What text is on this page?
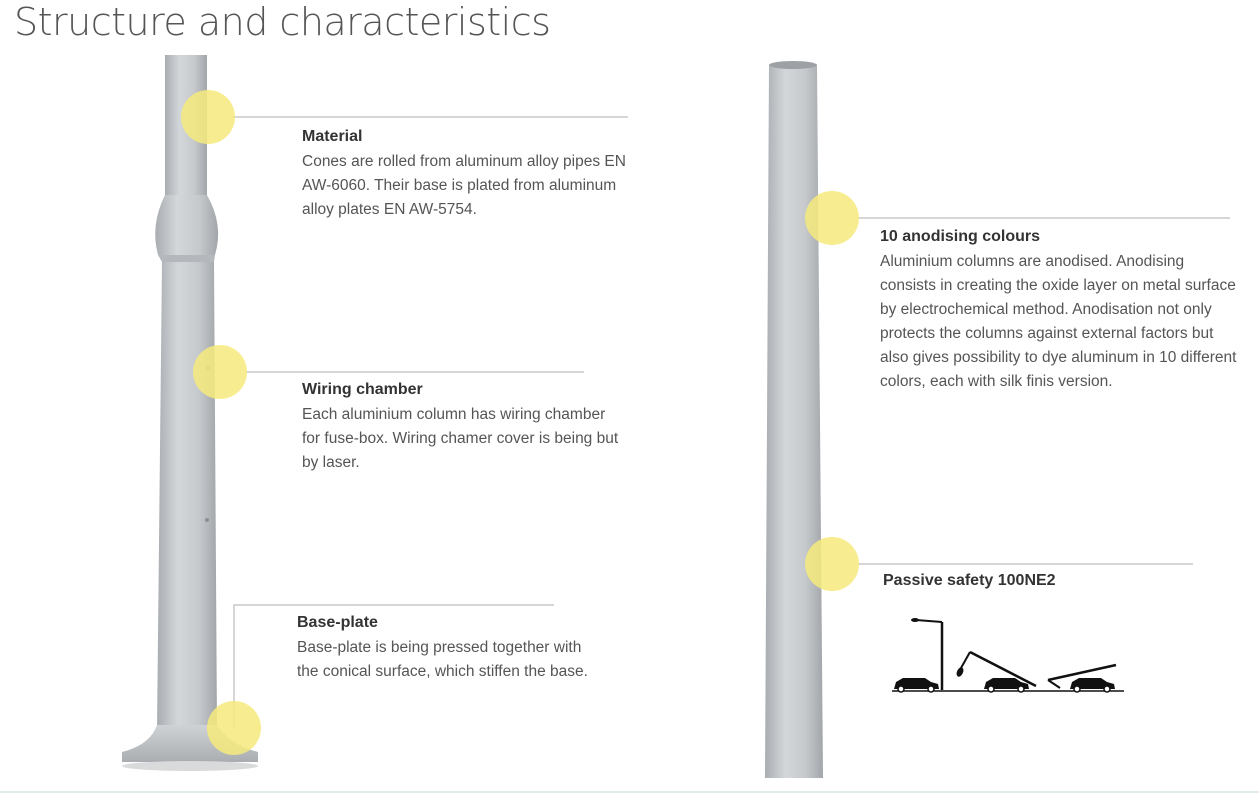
Structure and characteristics
Material

Cones are rolled from aluminum alloy pipes EN AW-6060. Their base is plated from aluminum alloy plates EN AW-5754.

Wiring chamber

Each aluminium column has wiring chamber for fuse-box. Wiring chamer cover is being but by laser.

Base-plate

Base-plate is being pressed together with the conical surface, which stiffen the base.

10 anodising colours

Aluminium columns are anodised. Anodising consists in creating the oxide layer on metal surface by electrochemical method. Anodisation not only protects the columns against external factors but also gives possibility to dye aluminum in 10 different colors, each with silk finis version.

Passive safety 100NE2
